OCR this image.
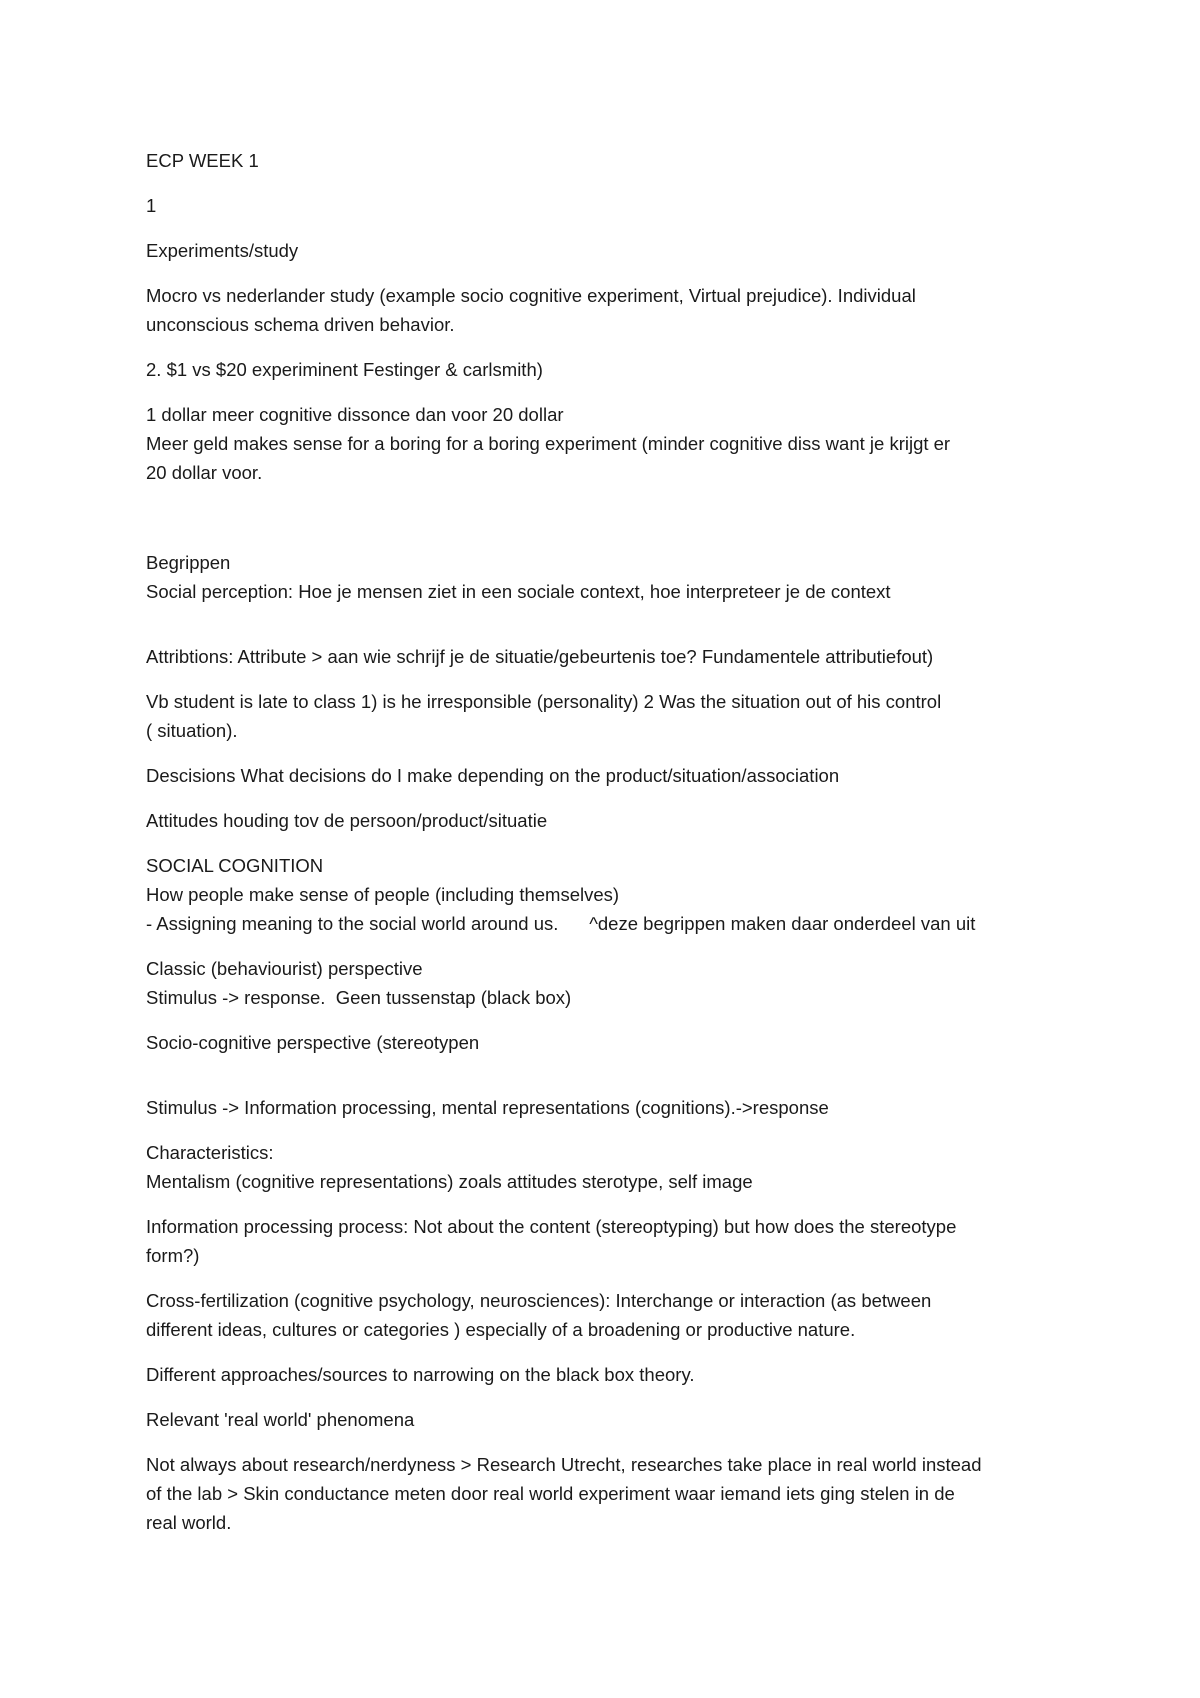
ECP WEEK 1
1
Experiments/study
Mocro vs nederlander study (example socio cognitive experiment, Virtual prejudice). Individual
unconscious schema driven behavior.
2. $1 vs $20 experiminent Festinger & carlsmith)
1 dollar meer cognitive dissonce dan voor 20 dollar
Meer geld makes sense for a boring for a boring experiment (minder cognitive diss want je krijgt er
20 dollar voor.
Begrippen
Social perception: Hoe je mensen ziet in een sociale context, hoe interpreteer je de context
Attribtions: Attribute > aan wie schrijf je de situatie/gebeurtenis toe? Fundamentele attributiefout)
Vb student is late to class 1) is he irresponsible (personality) 2 Was the situation out of his control
( situation).
Descisions What decisions do I make depending on the product/situation/association
Attitudes houding tov de persoon/product/situatie
SOCIAL COGNITION
How people make sense of people (including themselves)
- Assigning meaning to the social world around us.      ^deze begrippen maken daar onderdeel van uit
Classic (behaviourist) perspective
Stimulus -> response.  Geen tussenstap (black box)
Socio-cognitive perspective (stereotypen
Stimulus -> Information processing, mental representations (cognitions).->response
Characteristics:
Mentalism (cognitive representations) zoals attitudes sterotype, self image
Information processing process: Not about the content (stereoptyping) but how does the stereotype
form?)
Cross-fertilization (cognitive psychology, neurosciences): Interchange or interaction (as between
different ideas, cultures or categories ) especially of a broadening or productive nature.
Different approaches/sources to narrowing on the black box theory.
Relevant 'real world' phenomena
Not always about research/nerdyness > Research Utrecht, researches take place in real world instead
of the lab > Skin conductance meten door real world experiment waar iemand iets ging stelen in de
real world.
